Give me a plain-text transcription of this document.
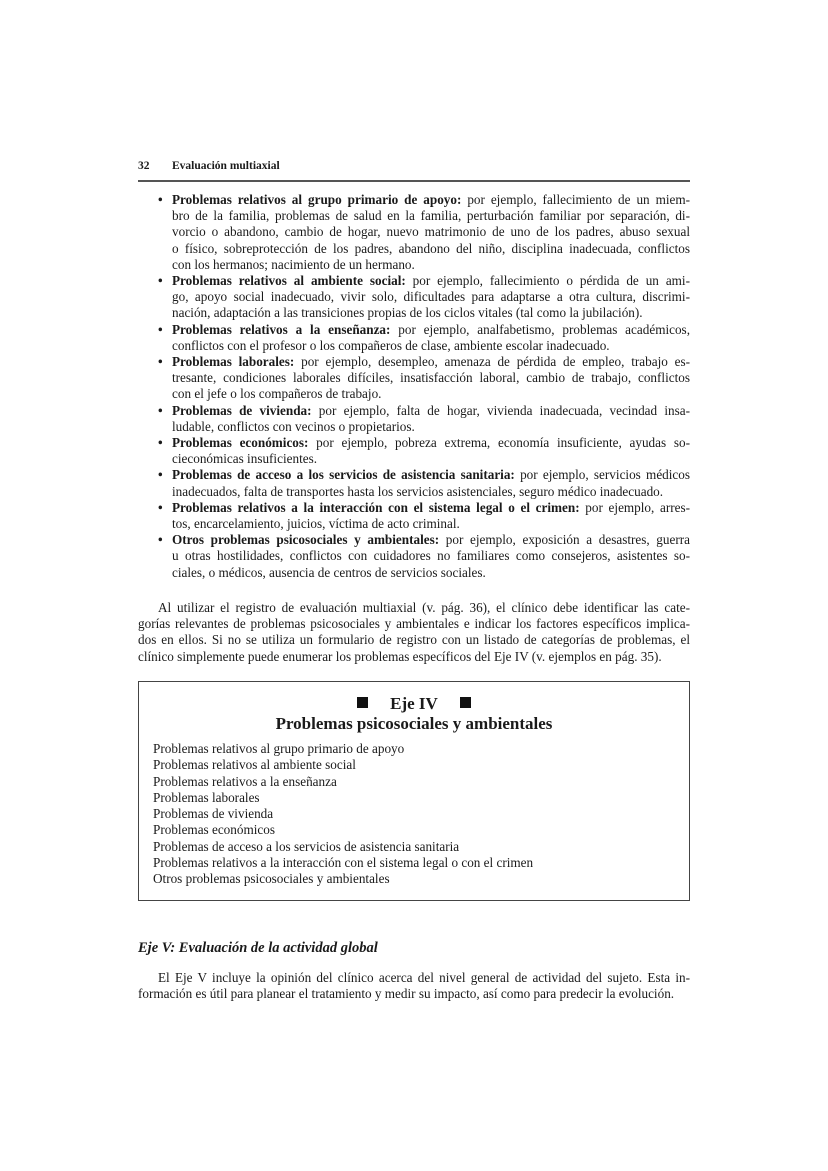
32 Evaluación multiaxial
• Problemas relativos al grupo primario de apoyo: por ejemplo, fallecimiento de un miem-
bro de la familia, problemas de salud en la familia, perturbación familiar por separación, di-
vorcio o abandono, cambio de hogar, nuevo matrimonio de uno de los padres, abuso sexual
o físico, sobreprotección de los padres, abandono del niño, disciplina inadecuada, conflictos
con los hermanos; nacimiento de un hermano.
• Problemas relativos al ambiente social: por ejemplo, fallecimiento o pérdida de un ami-
go, apoyo social inadecuado, vivir solo, dificultades para adaptarse a otra cultura, discrimi-
nación, adaptación a las transiciones propias de los ciclos vitales (tal como la jubilación).
• Problemas relativos a la enseñanza: por ejemplo, analfabetismo, problemas académicos,
conflictos con el profesor o los compañeros de clase, ambiente escolar inadecuado.
• Problemas laborales: por ejemplo, desempleo, amenaza de pérdida de empleo, trabajo es-
tresante, condiciones laborales difíciles, insatisfacción laboral, cambio de trabajo, conflictos
con el jefe o los compañeros de trabajo.
• Problemas de vivienda: por ejemplo, falta de hogar, vivienda inadecuada, vecindad insa-
ludable, conflictos con vecinos o propietarios.
• Problemas económicos: por ejemplo, pobreza extrema, economía insuficiente, ayudas so-
cieconómicas insuficientes.
• Problemas de acceso a los servicios de asistencia sanitaria: por ejemplo, servicios médicos
inadecuados, falta de transportes hasta los servicios asistenciales, seguro médico inadecuado.
• Problemas relativos a la interacción con el sistema legal o el crimen: por ejemplo, arres-
tos, encarcelamiento, juicios, víctima de acto criminal.
• Otros problemas psicosociales y ambientales: por ejemplo, exposición a desastres, guerra
u otras hostilidades, conflictos con cuidadores no familiares como consejeros, asistentes so-
ciales, o médicos, ausencia de centros de servicios sociales.
Al utilizar el registro de evaluación multiaxial (v. pág. 36), el clínico debe identificar las cate-
gorías relevantes de problemas psicosociales y ambientales e indicar los factores específicos implica-
dos en ellos. Si no se utiliza un formulario de registro con un listado de categorías de problemas, el
clínico simplemente puede enumerar los problemas específicos del Eje IV (v. ejemplos en pág. 35).
Eje IV
Problemas psicosociales y ambientales
Problemas relativos al grupo primario de apoyo
Problemas relativos al ambiente social
Problemas relativos a la enseñanza
Problemas laborales
Problemas de vivienda
Problemas económicos
Problemas de acceso a los servicios de asistencia sanitaria
Problemas relativos a la interacción con el sistema legal o con el crimen
Otros problemas psicosociales y ambientales
Eje V: Evaluación de la actividad global
El Eje V incluye la opinión del clínico acerca del nivel general de actividad del sujeto. Esta in-
formación es útil para planear el tratamiento y medir su impacto, así como para predecir la evolución.
